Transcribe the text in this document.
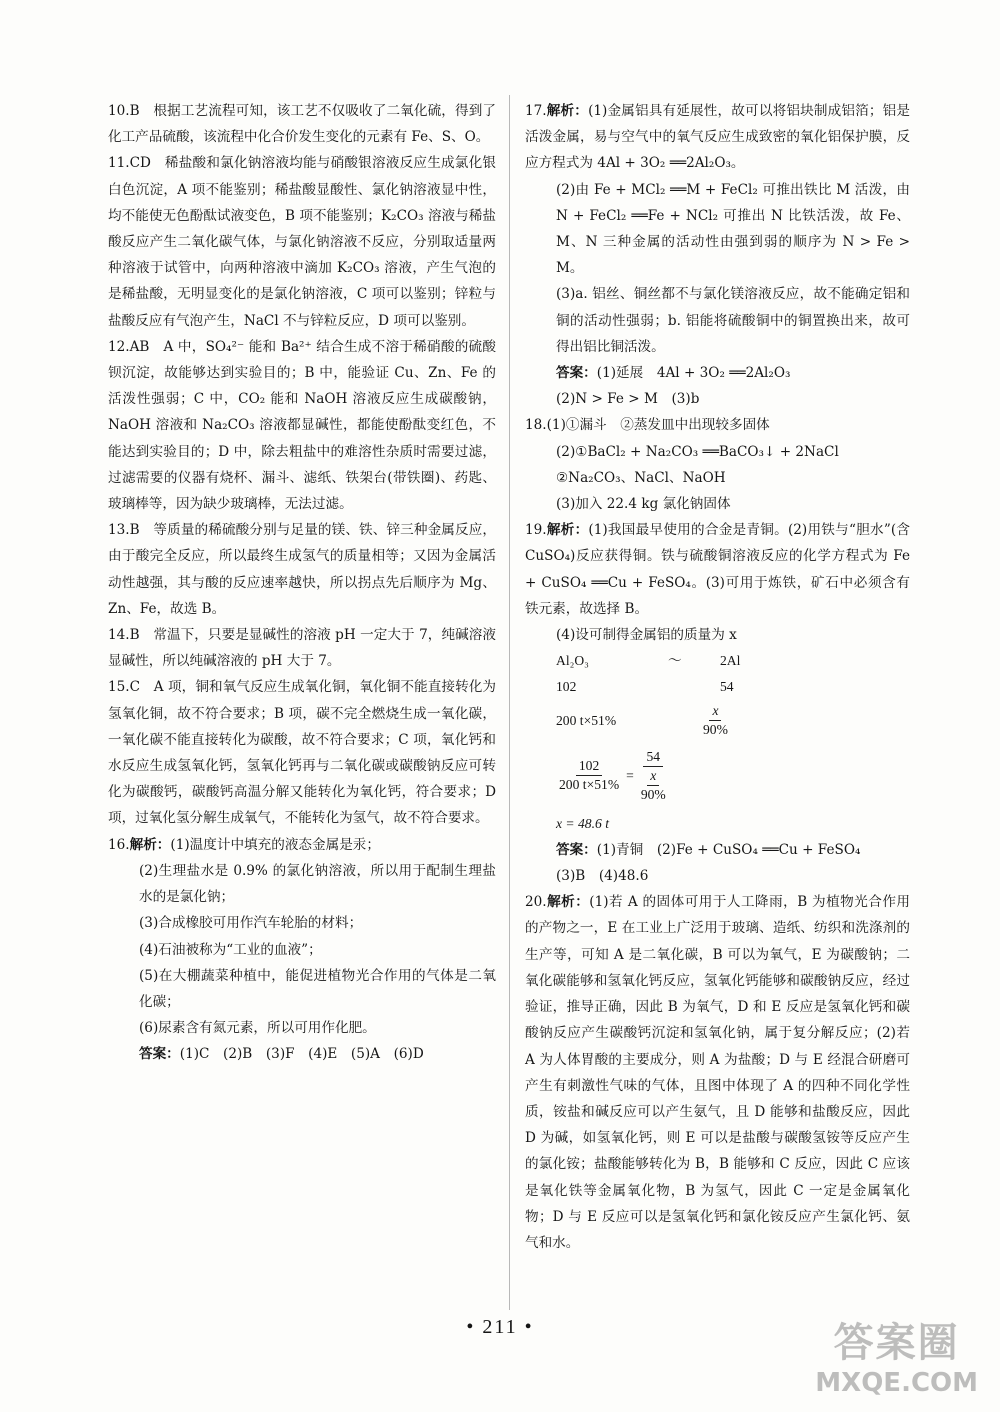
10.B　根据工艺流程可知，该工艺不仅吸收了二氧化硫，得到了化工产品硫酸，该流程中化合价发生变化的元素有 Fe、S、O。

11.CD　稀盐酸和氯化钠溶液均能与硝酸银溶液反应生成氯化银白色沉淀，A 项不能鉴别；稀盐酸显酸性、氯化钠溶液显中性，均不能使无色酚酞试液变色，B 项不能鉴别；K₂CO₃ 溶液与稀盐酸反应产生二氧化碳气体，与氯化钠溶液不反应，分别取适量两种溶液于试管中，向两种溶液中滴加 K₂CO₃ 溶液，产生气泡的是稀盐酸，无明显变化的是氯化钠溶液，C 项可以鉴别；锌粒与盐酸反应有气泡产生，NaCl 不与锌粒反应，D 项可以鉴别。

12.AB　A 中，SO₄²⁻ 能和 Ba²⁺ 结合生成不溶于稀硝酸的硫酸钡沉淀，故能够达到实验目的；B 中，能验证 Cu、Zn、Fe 的活泼性强弱；C 中，CO₂ 能和 NaOH 溶液反应生成碳酸钠，NaOH 溶液和 Na₂CO₃ 溶液都显碱性，都能使酚酞变红色，不能达到实验目的；D 中，除去粗盐中的难溶性杂质时需要过滤，过滤需要的仪器有烧杯、漏斗、滤纸、铁架台(带铁圈)、药匙、玻璃棒等，因为缺少玻璃棒，无法过滤。

13.B　等质量的稀硫酸分别与足量的镁、铁、锌三种金属反应，由于酸完全反应，所以最终生成氢气的质量相等；又因为金属活动性越强，其与酸的反应速率越快，所以拐点先后顺序为 Mg、Zn、Fe，故选 B。

14.B　常温下，只要是显碱性的溶液 pH 一定大于 7，纯碱溶液显碱性，所以纯碱溶液的 pH 大于 7。

15.C　A 项，铜和氧气反应生成氧化铜，氧化铜不能直接转化为氢氧化铜，故不符合要求；B 项，碳不完全燃烧生成一氧化碳，一氧化碳不能直接转化为碳酸，故不符合要求；C 项，氧化钙和水反应生成氢氧化钙，氢氧化钙再与二氧化碳或碳酸钠反应可转化为碳酸钙，碳酸钙高温分解又能转化为氧化钙，符合要求；D 项，过氧化氢分解生成氧气，不能转化为氢气，故不符合要求。

16.解析：(1)温度计中填充的液态金属是汞；

(2)生理盐水是 0.9% 的氯化钠溶液，所以用于配制生理盐水的是氯化钠；

(3)合成橡胶可用作汽车轮胎的材料；

(4)石油被称为“工业的血液”；

(5)在大棚蔬菜种植中，能促进植物光合作用的气体是二氧化碳；

(6)尿素含有氮元素，所以可用作化肥。

答案：(1)C　(2)B　(3)F　(4)E　(5)A　(6)D

17.解析：(1)金属铝具有延展性，故可以将铝块制成铝箔；铝是活泼金属，易与空气中的氧气反应生成致密的氧化铝保护膜，反应方程式为 4Al + 3O₂ ══2Al₂O₃。

(2)由 Fe + MCl₂ ══M + FeCl₂ 可推出铁比 M 活泼，由 N + FeCl₂ ══Fe + NCl₂ 可推出 N 比铁活泼，故 Fe、M、N 三种金属的活动性由强到弱的顺序为 N > Fe > M。

(3)a. 铝丝、铜丝都不与氯化镁溶液反应，故不能确定铝和铜的活动性强弱；b. 铝能将硫酸铜中的铜置换出来，故可得出铝比铜活泼。

答案：(1)延展　4Al + 3O₂ ══2Al₂O₃

(2)N > Fe > M　(3)b

18.(1)①漏斗　②蒸发皿中出现较多固体

(2)①BaCl₂ + Na₂CO₃ ══BaCO₃↓ + 2NaCl

②Na₂CO₃、NaCl、NaOH

(3)加入 22.4 kg 氯化钠固体

19.解析：(1)我国最早使用的合金是青铜。(2)用铁与“胆水”(含 CuSO₄)反应获得铜。铁与硫酸铜溶液反应的化学方程式为 Fe + CuSO₄ ══Cu + FeSO₄。(3)可用于炼铁，矿石中必须含有铁元素，故选择 B。

(4)设可制得金属铝的质量为 x

Al₂O₃	～	2Al
102	54
200 t×51%	$\frac{x}{90\%}$
$\frac{102}{200 t\times 51\%} = \frac{54}{\frac{x}{90\%}}$
x = 48.6 t

答案：(1)青铜　(2)Fe + CuSO₄ ══Cu + FeSO₄

(3)B　(4)48.6

20.解析：(1)若 A 的固体可用于人工降雨，B 为植物光合作用的产物之一，E 在工业上广泛用于玻璃、造纸、纺织和洗涤剂的生产等，可知 A 是二氧化碳，B 可以为氧气，E 为碳酸钠；二氧化碳能够和氢氧化钙反应，氢氧化钙能够和碳酸钠反应，经过验证，推导正确，因此 B 为氧气，D 和 E 反应是氢氧化钙和碳酸钠反应产生碳酸钙沉淀和氢氧化钠，属于复分解反应；(2)若 A 为人体胃酸的主要成分，则 A 为盐酸；D 与 E 经混合研磨可产生有刺激性气味的气体，且图中体现了 A 的四种不同化学性质，铵盐和碱反应可以产生氨气，且 D 能够和盐酸反应，因此 D 为碱，如氢氧化钙，则 E 可以是盐酸与碳酸氢铵等反应产生的氯化铵；盐酸能够转化为 B，B 能够和 C 反应，因此 C 应该是氧化铁等金属氧化物，B 为氢气，因此 C 一定是金属氧化物；D 与 E 反应可以是氢氧化钙和氯化铵反应产生氯化钙、氨气和水。

• 211 •	答案圈
MXQE.COM
